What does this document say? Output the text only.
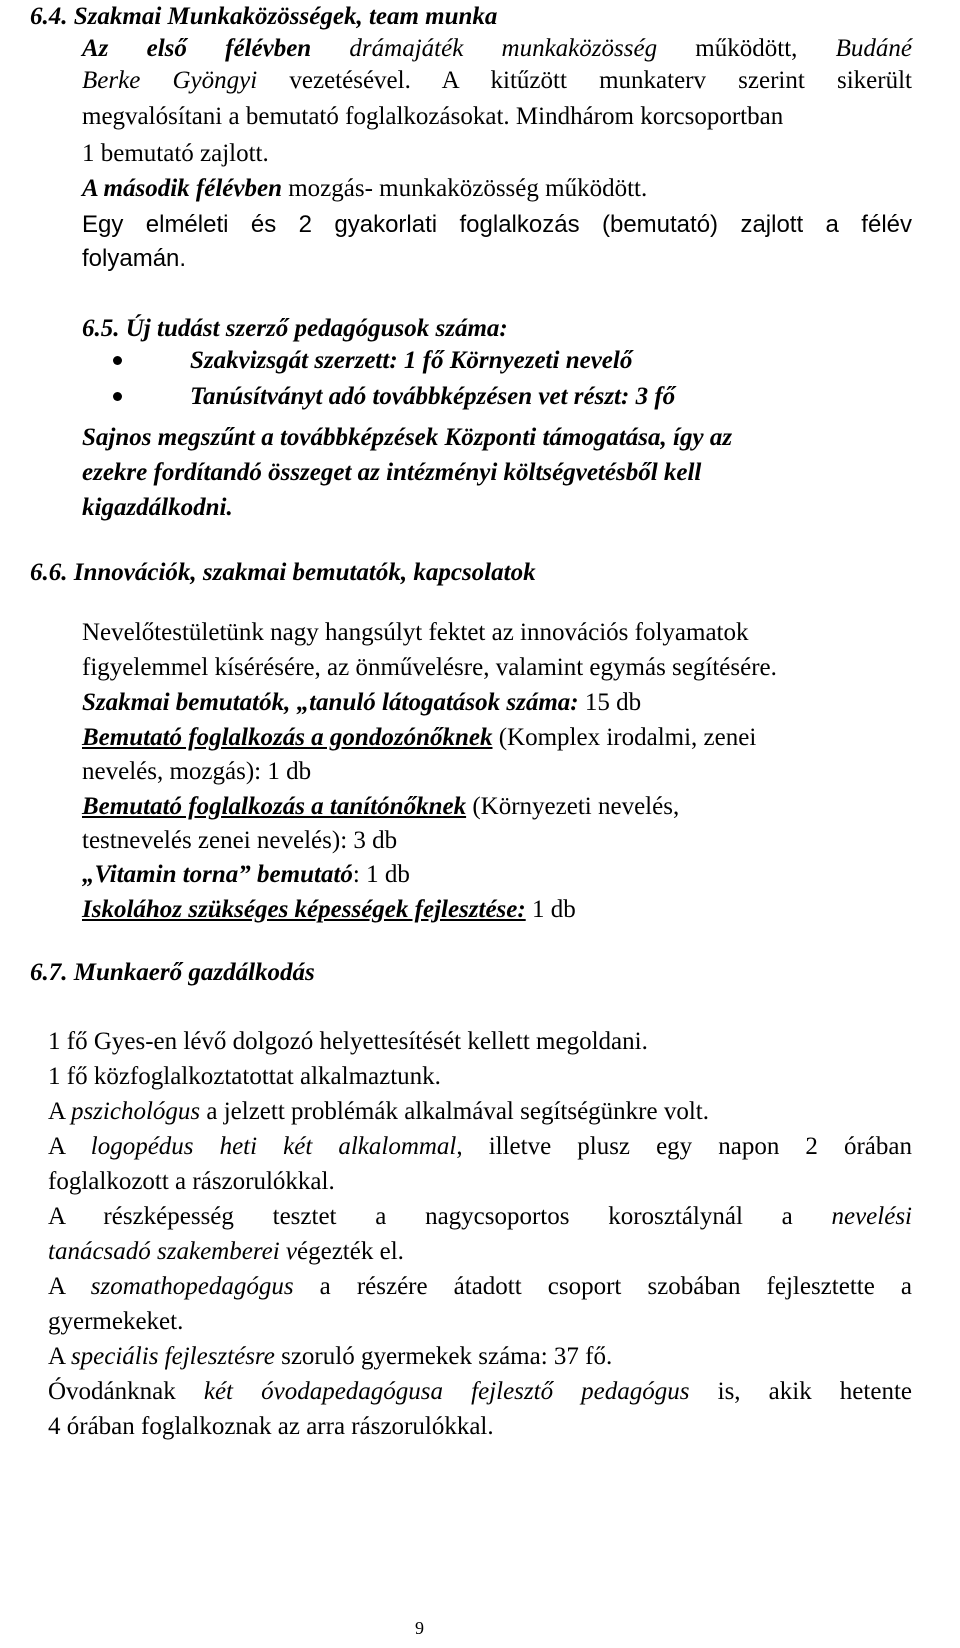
6.4. Szakmai Munkaközösségek, team munka
Az első félévben drámajáték munkaközösség működött, Budáné
Berke Gyöngyi vezetésével. A kitűzött munkaterv szerint sikerült
megvalósítani a bemutató foglalkozásokat. Mindhárom korcsoportban
1 bemutató zajlott.
A második félévben mozgás- munkaközösség működött.
Egy elméleti és 2 gyakorlati foglalkozás (bemutató) zajlott a félév
folyamán.
6.5. Új tudást szerző pedagógusok száma:
Szakvizsgát szerzett: 1 fő Környezeti nevelő
Tanúsítványt adó továbbképzésen vet részt: 3 fő
Sajnos megszűnt a továbbképzések Központi támogatása, így az
ezekre fordítandó összeget az intézményi költségvetésből kell
kigazdálkodni.
6.6. Innovációk, szakmai bemutatók, kapcsolatok
Nevelőtestületünk nagy hangsúlyt fektet az innovációs folyamatok
figyelemmel kísérésére, az önművelésre, valamint egymás segítésére.
Szakmai bemutatók, „tanuló látogatások száma: 15 db
Bemutató foglalkozás a gondozónőknek (Komplex irodalmi, zenei
nevelés, mozgás): 1 db
Bemutató foglalkozás a tanítónőknek (Környezeti nevelés,
testnevelés zenei nevelés): 3 db
„Vitamin torna” bemutató: 1 db
Iskolához szükséges képességek fejlesztése: 1 db
6.7. Munkaerő gazdálkodás
1 fő Gyes-en lévő dolgozó helyettesítését kellett megoldani.
1 fő közfoglalkoztatottat alkalmaztunk.
A pszichológus a jelzett problémák alkalmával segítségünkre volt.
A logopédus heti két alkalommal, illetve plusz egy napon 2 órában
foglalkozott a rászorulókkal.
A részképesség tesztet a nagycsoportos korosztálynál a nevelési
tanácsadó szakemberei végezték el.
A szomathopedagógus a részére átadott csoport szobában fejlesztette a
gyermekeket.
A speciális fejlesztésre szoruló gyermekek száma: 37 fő.
Óvodánknak két óvodapedagógusa fejlesztő pedagógus is, akik hetente
4 órában foglalkoznak az arra rászorulókkal.
9
